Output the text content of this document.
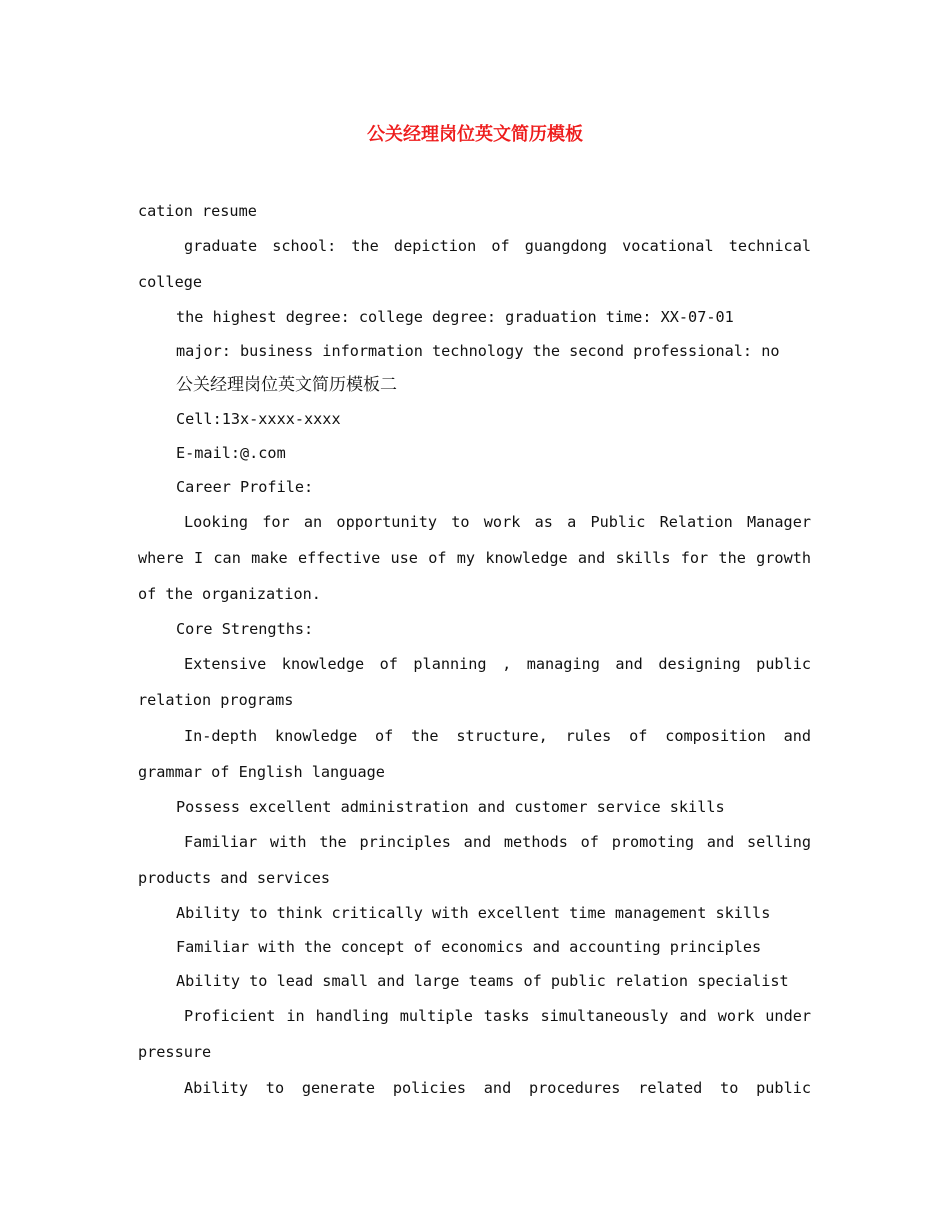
公关经理岗位英文简历模板

cation resume

graduate school: the depiction of guangdong vocational technical college

the highest degree: college degree: graduation time: XX-07-01

major: business information technology the second professional: no

公关经理岗位英文简历模板二

Cell:13x-xxxx-xxxx

E-mail:@.com

Career Profile:

Looking for an opportunity to work as a Public Relation Manager where I can make effective use of my knowledge and skills for the growth of the organization.

Core Strengths:

Extensive knowledge of planning , managing and designing public relation programs

In-depth knowledge of the structure, rules of composition and grammar of English language

Possess excellent administration and customer service skills

Familiar with the principles and methods of promoting and selling products and services

Ability to think critically with excellent time management skills

Familiar with the concept of economics and accounting principles

Ability to lead small and large teams of public relation specialist

Proficient in handling multiple tasks simultaneously and work under pressure

Ability to generate policies and procedures related to public
